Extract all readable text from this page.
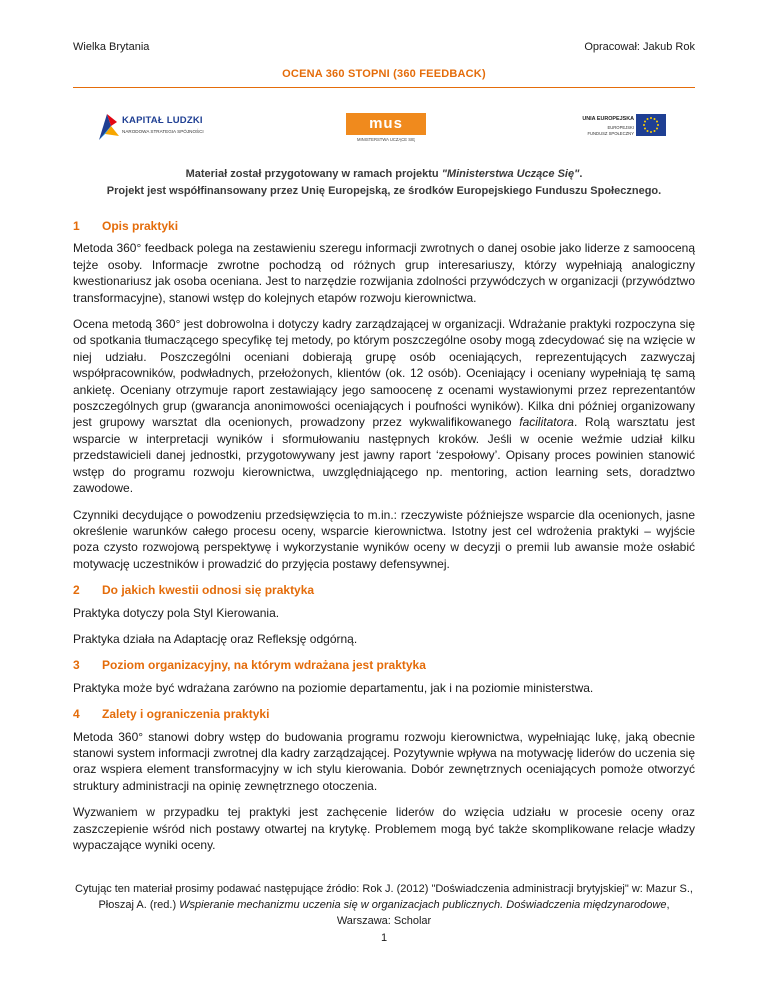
Wielka Brytania	Opracował: Jakub Rok
OCENA 360 STOPNI (360 FEEDBACK)
KAPITAŁ LUDZKI
NARODOWA STRATEGIA SPÓJNOŚCI	mus
MINISTERSTWA UCZĄCE SIĘ
UNIA EUROPEJSKA
EUROPEJSKI
FUNDUSZ SPOŁECZNY
Materiał został przygotowany w ramach projektu "Ministerstwa Uczące Się".
Projekt jest współfinansowany przez Unię Europejską, ze środków Europejskiego Funduszu Społecznego.
1	Opis praktyki

Metoda 360° feedback polega na zestawieniu szeregu informacji zwrotnych o danej osobie jako liderze z samooceną tejże osoby. Informacje zwrotne pochodzą od różnych grup interesariuszy, którzy wypełniają analogiczny kwestionariusz jak osoba oceniana. Jest to narzędzie rozwijania zdolności przywódczych w organizacji (przywództwo transformacyjne), stanowi wstęp do kolejnych etapów rozwoju kierownictwa.

Ocena metodą 360° jest dobrowolna i dotyczy kadry zarządzającej w organizacji. Wdrażanie praktyki rozpoczyna się od spotkania tłumaczącego specyfikę tej metody, po którym poszczególne osoby mogą zdecydować się na wzięcie w niej udziału. Poszczególni oceniani dobierają grupę osób oceniających, reprezentujących zazwyczaj współpracowników, podwładnych, przełożonych, klientów (ok. 12 osób). Oceniający i oceniany wypełniają tę samą ankietę. Oceniany otrzymuje raport zestawiający jego samoocenę z ocenami wystawionymi przez reprezentantów poszczególnych grup (gwarancja anonimowości oceniających i poufności wyników). Kilka dni później organizowany jest grupowy warsztat dla ocenionych, prowadzony przez wykwalifikowanego facilitatora. Rolą warsztatu jest wsparcie w interpretacji wyników i sformułowaniu następnych kroków. Jeśli w ocenie weźmie udział kilku przedstawicieli danej jednostki, przygotowywany jest jawny raport ‘zespołowy’. Opisany proces powinien stanowić wstęp do programu rozwoju kierownictwa, uwzględniającego np. mentoring, action learning sets, doradztwo zawodowe.

Czynniki decydujące o powodzeniu przedsięwzięcia to m.in.: rzeczywiste późniejsze wsparcie dla ocenionych, jasne określenie warunków całego procesu oceny, wsparcie kierownictwa. Istotny jest cel wdrożenia praktyki – wyjście poza czysto rozwojową perspektywę i wykorzystanie wyników oceny w decyzji o premii lub awansie może osłabić motywację uczestników i prowadzić do przyjęcia postawy defensywnej.

2	Do jakich kwestii odnosi się praktyka

Praktyka dotyczy pola Styl Kierowania.

Praktyka działa na Adaptację oraz Refleksję odgórną.

3	Poziom organizacyjny, na którym wdrażana jest praktyka

Praktyka może być wdrażana zarówno na poziomie departamentu, jak i na poziomie ministerstwa.

4	Zalety i ograniczenia praktyki

Metoda 360° stanowi dobry wstęp do budowania programu rozwoju kierownictwa, wypełniając lukę, jaką obecnie stanowi system informacji zwrotnej dla kadry zarządzającej. Pozytywnie wpływa na motywację liderów do uczenia się oraz wspiera element transformacyjny w ich stylu kierowania. Dobór zewnętrznych oceniających pomoże otworzyć struktury administracji na opinię zewnętrznego otoczenia.

Wyzwaniem w przypadku tej praktyki jest zachęcenie liderów do wzięcia udziału w procesie oceny oraz zaszczepienie wśród nich postawy otwartej na krytykę. Problemem mogą być także skomplikowane relacje władzy wypaczające wyniki oceny.

Cytując ten materiał prosimy podawać następujące źródło: Rok J. (2012) "Doświadczenia administracji brytyjskiej" w: Mazur S., Płoszaj A. (red.) Wspieranie mechanizmu uczenia się w organizacjach publicznych. Doświadczenia międzynarodowe, Warszawa: Scholar
1
